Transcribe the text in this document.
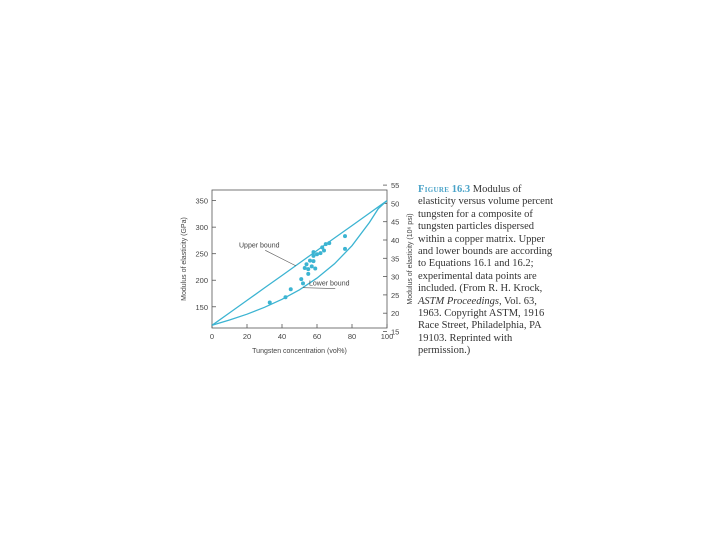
0	20	40	60	80	100
Tungsten concentration (vol%)
150
200
250
300
350
Modulus of elasticity (GPa)
15
20
25
30
35
40
45
50
55
Modulus of elasticity (10⁶ psi)
Upper bound
Lower bound
Figure 16.3 Modulus of elasticity versus volume percent tungsten for a composite of tungsten particles dispersed within a copper matrix. Upper and lower bounds are according to Equations 16.1 and 16.2; experimental data points are included. (From R. H. Krock, ASTM Proceedings, Vol. 63, 1963. Copyright ASTM, 1916 Race Street, Philadelphia, PA 19103. Reprinted with permission.)
